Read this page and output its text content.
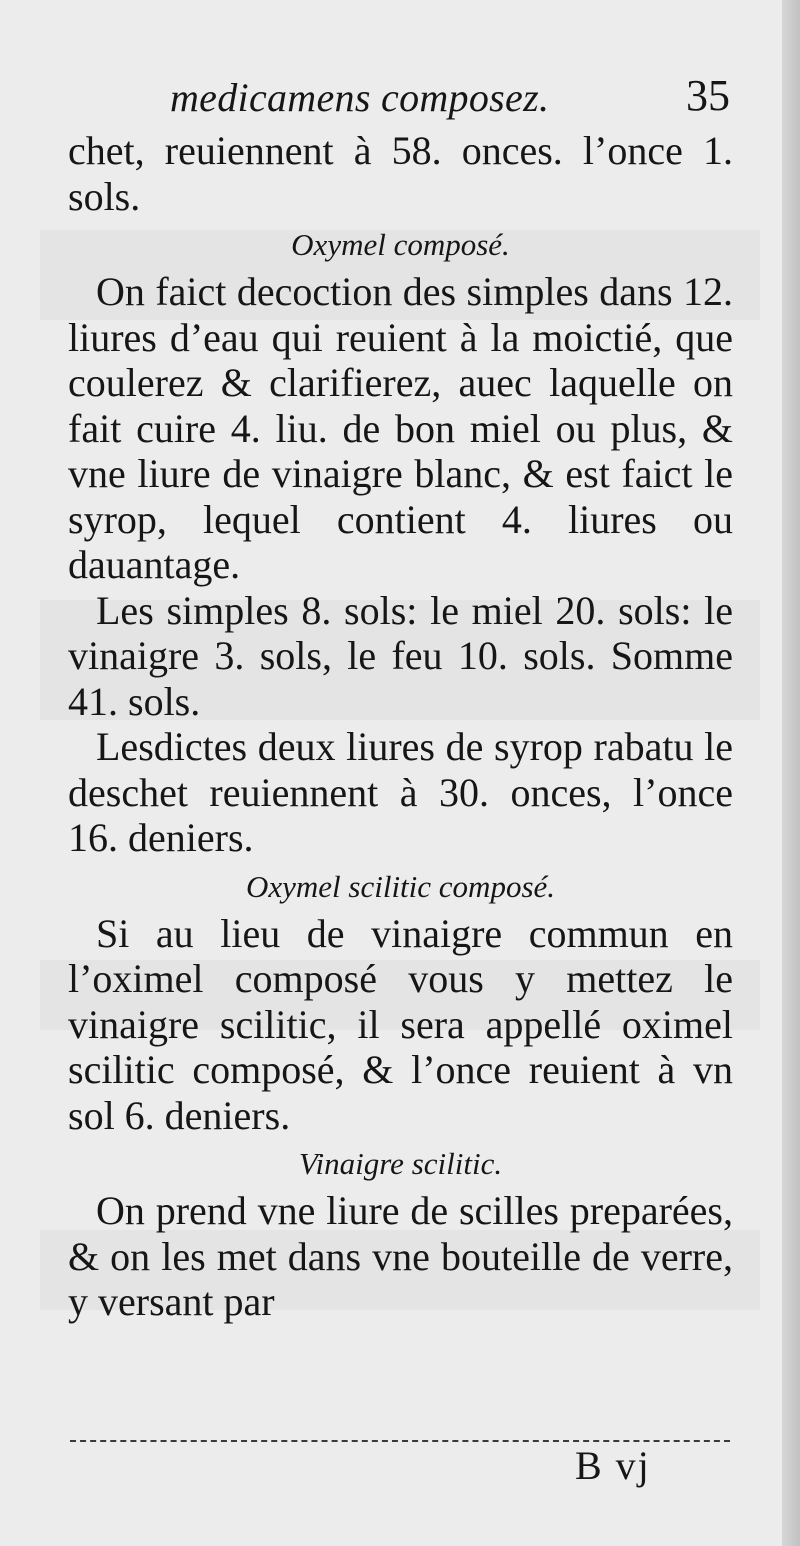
medicamens composez.	35

chet, reuiennent à 58. onces. l’once 1. sols.

Oxymel composé.

On faict decoction des simples dans 12. liures d’eau qui reuient à la moictié, que coulerez & clarifierez, auec laquelle on fait cuire 4. liu. de bon miel ou plus, & vne liure de vinaigre blanc, & est faict le syrop, lequel contient 4. liures ou dauantage.

Les simples 8. sols: le miel 20. sols: le vinaigre 3. sols, le feu 10. sols. Somme 41. sols.

Lesdictes deux liures de syrop rabatu le deschet reuiennent à 30. onces, l’once 16. deniers.

Oxymel scilitic composé.

Si au lieu de vinaigre commun en l’oximel composé vous y mettez le vinaigre scilitic, il sera appellé oximel scilitic composé, & l’once reuient à vn sol 6. deniers.

Vinaigre scilitic.

On prend vne liure de scilles preparées, & on les met dans vne bouteille de verre, y versant par

B vj
